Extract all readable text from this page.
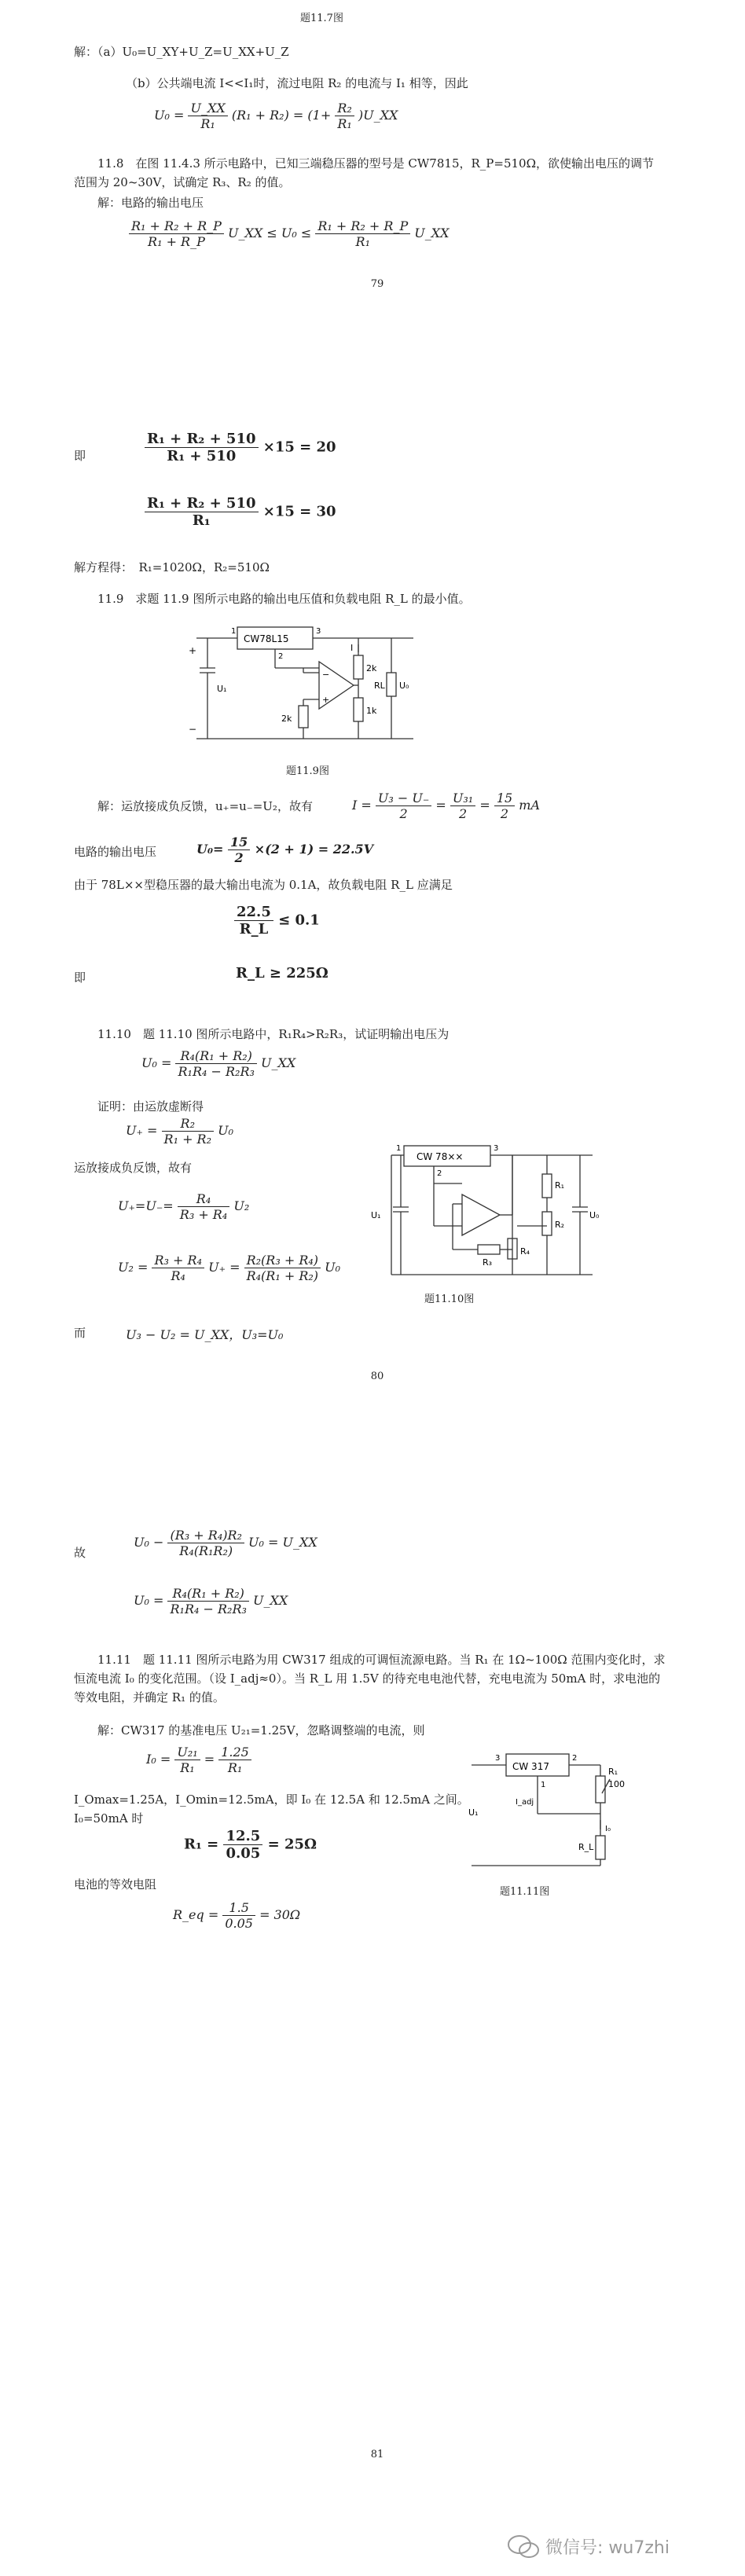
题11.7图
解：（a）U₀=U_XY+U_Z=U_XX+U_Z
（b）公共端电流 I<<I₁时，流过电阻 R₂ 的电流与 I₁ 相等，因此
$U_0 = \frac{U\_XX}{\text{R₁}} (R_1 + R_2) = (1+ \frac{\text{R₂}}{\text{R₁}}$ )U_XX
11.8　在图 11.4.3 所示电路中，已知三端稳压器的型号是 CW7815，R_P=510Ω，欲使输出电压的调节
范围为 20~30V，试确定 R₃、R₂ 的值。
解：电路的输出电压
$\frac{\text{R₁ + R₂ + R\_P}}{\text{R₁ + R\_P}}$ U_XX ≤ $U_0 \le \frac{\text{R₁ + R₂ + R\_P}}{\text{R₁}}$ U_XX
79
即	$\frac{\text{R₁ + R₂ + 510}}{\text{R₁ + 510}} \times 15 = 20$
$\frac{\text{R₁ + R₂ + 510}}{\text{R₁}} \times 15 = 30$
解方程得：　R₁=1020Ω，R₂=510Ω
11.9　求题 11.9 图所示电路的输出电压值和负载电阻 R_L 的最小值。
CW78L15
1
2
3
2k
1k
2k
RL U₀
U₁
I
+
−
−
+
题11.9图
解：运放接成负反馈，u₊=u₋=U₂，故有	$I = \frac{\text{U₃ − U₋}}{2} = \frac{\text{U₃₁}}{2} = \frac{15}{2}$ mA
电路的输出电压	$U_0= \frac{15}{2} \times(2 + 1) = 22.5V$
由于 78L××型稳压器的最大输出电流为 0.1A，故负载电阻 R_L 应满足
$\frac{22.5}{R\_L} \le 0.1$
即	R_L ≥ 225Ω
11.10　题 11.10 图所示电路中，R₁R₄>R₂R₃，试证明输出电压为
$U_0 = \frac{\text{R₄(R₁ + R₂)}}{\text{R₁R₄ − R₂R₃}}$ U_XX
证明：由运放虚断得
$U_+ = \frac{\text{R₂}}{\text{R₁ + R₂}} U_0$
运放接成负反馈，故有
$U_+=U_-= \frac{\text{R₄}}{\text{R₃ + R₄}} U_2$
$U_2 = \frac{\text{R₃ + R₄}}{\text{R₄}} U_+ = \frac{\text{R₂(R₃ + R₄)}}{\text{R₄(R₁ + R₂)}} U_0$
而	U₃ − U₂ = U_XX，U₃=U₀
CW 78××
1
2
3
R₁
R₂
R₃
R₄
U₁	U₀
题11.10图
80
故
$U_0 - \frac{\text{(R₃ + R₄)R₂}}{\text{R₄(R₁R₂)}} U_0$ = U_XX
$U_0 = \frac{\text{R₄(R₁ + R₂)}}{\text{R₁R₄ − R₂R₃}}$ U_XX
11.11　题 11.11 图所示电路为用 CW317 组成的可调恒流源电路。当 R₁ 在 1Ω~100Ω 范围内变化时，求
恒流电流 I₀ 的变化范围。（设 I_adj≈0）。当 R_L 用 1.5V 的待充电电池代替，充电电流为 50mA 时，求电池的
等效电阻，并确定 R₁ 的值。
解：CW317 的基准电压 U₂₁=1.25V，忽略调整端的电流，则
$I_0 = \frac{\text{U₂₁}}{\text{R₁}} = \frac{1.25}{\text{R₁}}$
I_Omax=1.25A，I_Omin=12.5mA，即 I₀ 在 12.5A 和 12.5mA 之间。
I₀=50mA 时
$R_1 = \frac{12.5}{0.05} = 25\Omega$
电池的等效电阻
R_eq = $\frac{1.5}{0.05} = 30\Omega$
CW 317
3	2
1
R₁
100
I_adj
I₀
R_L
U₁
题11.11图
81
微信号: wu7zhi
